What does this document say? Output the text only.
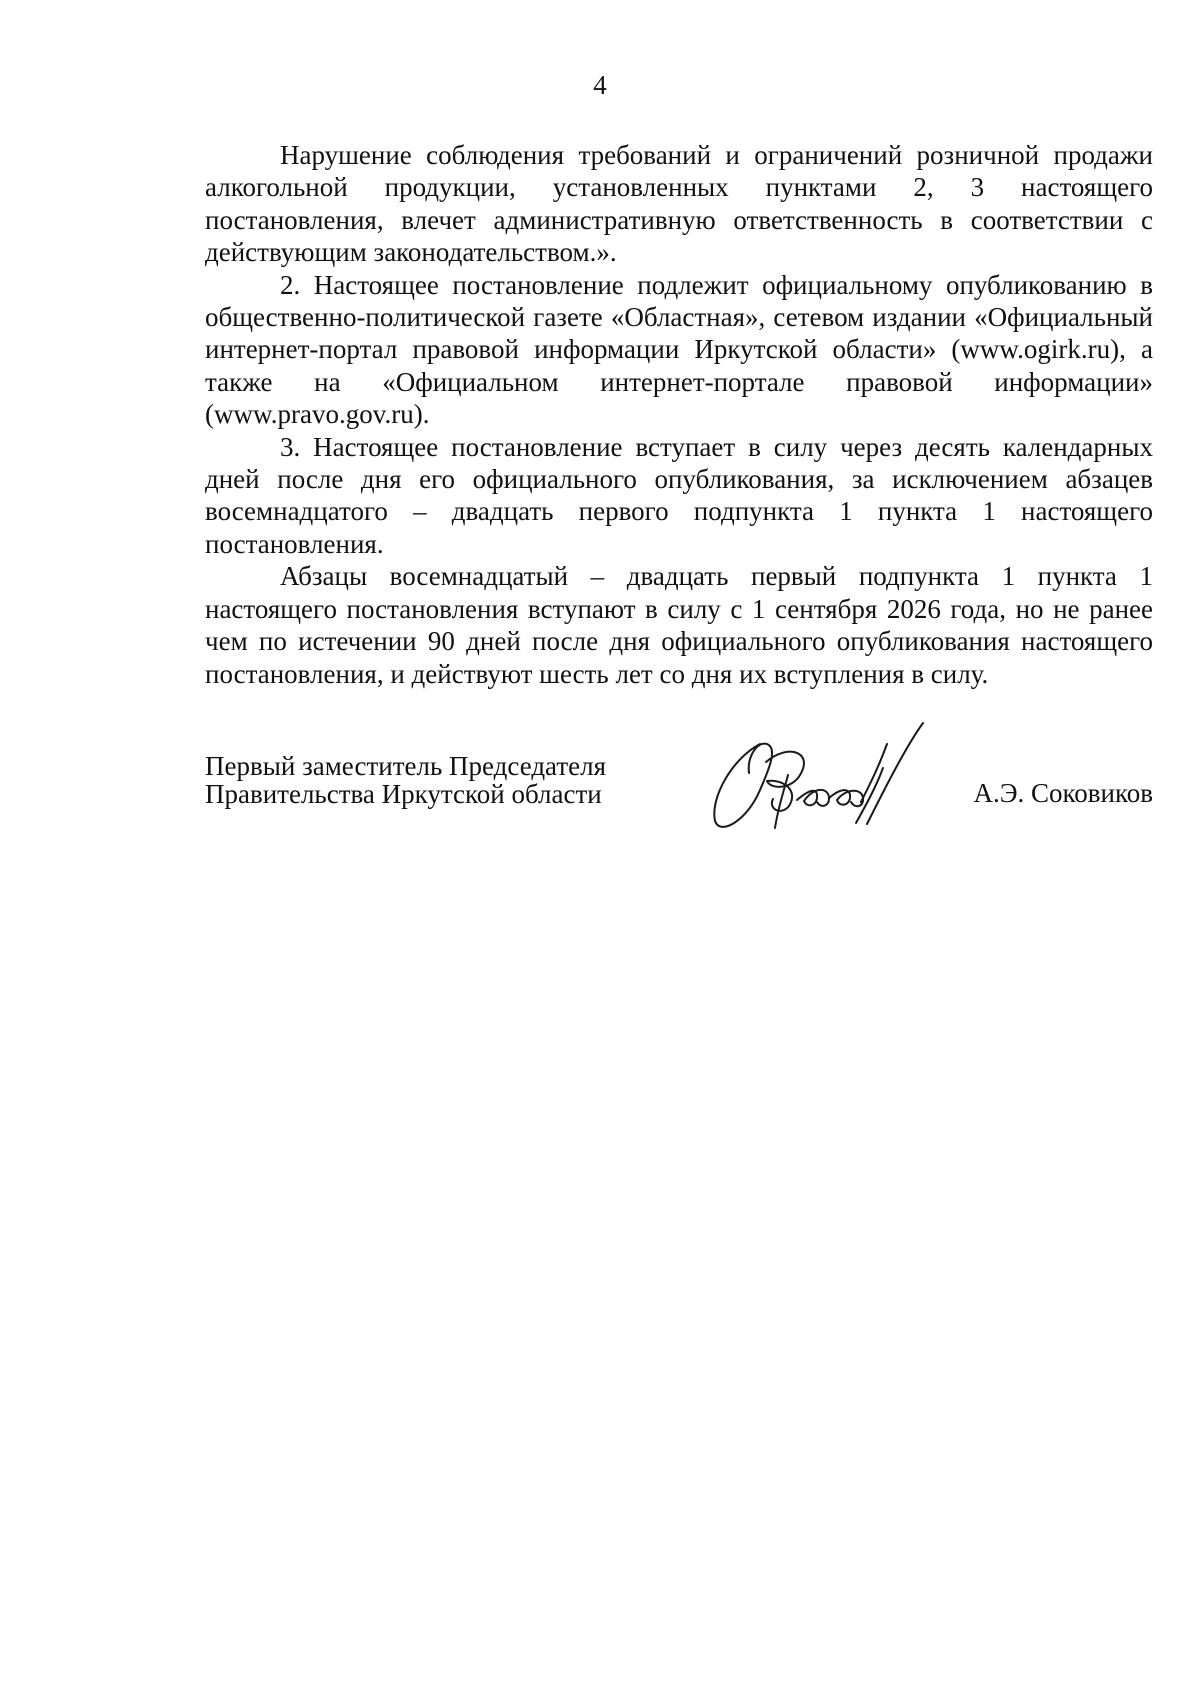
4

Нарушение соблюдения требований и ограничений розничной продажи алкогольной продукции, установленных пунктами 2, 3 настоящего постановления, влечет административную ответственность в соответствии с действующим законодательством.».

2. Настоящее постановление подлежит официальному опубликованию в общественно-политической газете «Областная», сетевом издании «Официальный интернет-портал правовой информации Иркутской области» (www.ogirk.ru), а также на «Официальном интернет-портале правовой информации» (www.pravo.gov.ru).

3. Настоящее постановление вступает в силу через десять календарных дней после дня его официального опубликования, за исключением абзацев восемнадцатого – двадцать первого подпункта 1 пункта 1 настоящего постановления.

Абзацы восемнадцатый – двадцать первый подпункта 1 пункта 1 настоящего постановления вступают в силу с 1 сентября 2026 года, но не ранее чем по истечении 90 дней после дня официального опубликования настоящего постановления, и действуют шесть лет со дня их вступления в силу.

Первый заместитель Председателя
Правительства Иркутской области	А.Э. Соковиков
